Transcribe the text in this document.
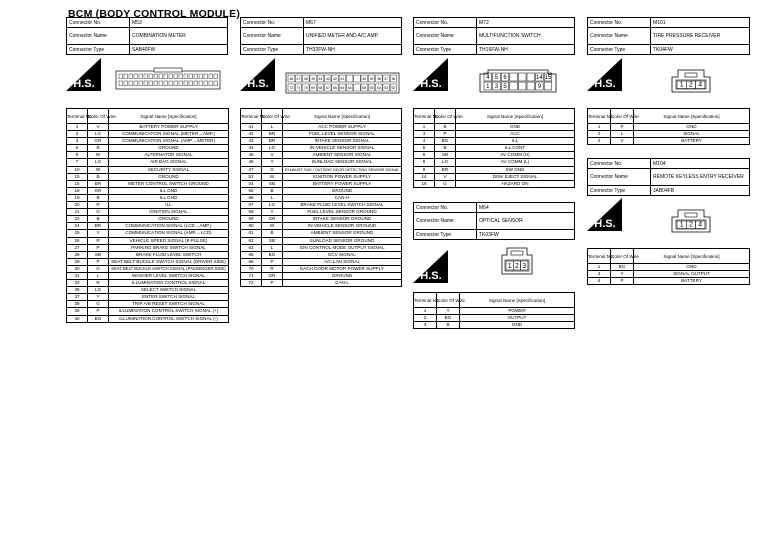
BCM (BODY CONTROL MODULE)
Connector No.	M53
Connector Name	COMBINATION METER
Connector Type	SAB40FW
Connector No.	M67
Connector Name	UNIFIED METER AND A/C AMP.
Connector Type	TH32FW-NH
Connector No.	M72
Connector Name	MULTIFUNCTION SWITCH
Connector Type	TH16FW-NH
Connector No.	M101
Connector Name	TIRE PRESSURE RECEIVER
Connector Type	TK04FW
Connector No.	M104
Connector Name	REMOTE KEYLESS ENTRY RECEIVER
Connector Type	JAB04FB
Connector No.	M64
Connector Name	OPTICAL SENSOR
Connector Type	TK03FW
H.S.	H.S.	H.S.	H.S.
H.S.
H.S.
48 47 46 45 44 43 42 41	40 39 38 37 36
72 71 70 69 68 67 66 65 64	56 55 54 53 52
4 5 6	14 15
1 3 5	9	1 2 4
1 2 4
1 2 3
Terminal No.	Color Of Wire	Signal Name [Specification]
1	V	BATTERY POWER SUPPLY
2	LG	COMMUNICATION SIGNAL (METER→AMP.)
3	GR	COMMUNICATION SIGNAL (AMP.→METER)
5	B	GROUND
6	W	ALTERNATOR SIGNAL
7	LG	AIR BAG SIGNAL
10	W	SECURITY SIGNAL
15	B	GROUND
16	BR	METER CONTROL SWITCH GROUND
18	GR	ILL GND
19	B	ILL GND
20	R	ILL
21	G	IGNITION SIGNAL
22	B	GROUND
24	BR	COMMUNICATION SIGNAL (LCD→AMP.)
25	Y	COMMUNICATION SIGNAL (AMP.→LCD)
26	R	VEHICLE SPEED SIGNAL (8-PULSE)
27	P	PARKING BRAKE SWITCH SIGNAL
28	SB	BRAKE FLUID LEVEL SWITCH
29	P	SEAT BELT BUCKLE SWITCH SIGNAL (DRIVER SIDE)
30	G	SEAT BELT BUCKLE SWITCH SIGNAL (PASSENGER SIDE)
31	L	WASHER LEVEL SWITCH SIGNAL
33	R	ILLUMINATION CONTROL SIGNAL
36	LG	SELECT SWITCH SIGNAL
37	Y	ENTER SWITCH SIGNAL
38	G	TRIP A/B RESET SWITCH SIGNAL
39	P	ILLUMINATION CONTROL SWITCH SIGNAL (+)
40	BG	ILLUMINATION CONTROL SWITCH SIGNAL (-)
Terminal No.	Color Of Wire	Signal Name [Specification]
41	L	ACC POWER SUPPLY
42	BR	FUEL LEVEL SENSOR SIGNAL
43	BR	INTAKE SENSOR SIGNAL
44	LG	IN-VEHICLE SENSOR SIGNAL
45	V	AMBIENT SENSOR SIGNAL
46	Y	SUNLOAD SENSOR SIGNAL
47	G	EXHAUST GAS / OUTSIDE ODOR DETECTING SENSOR SIGNAL
53	W	IGNITION POWER SUPPLY
54	SB	BATTERY POWER SUPPLY
55	B	GROUND
56	L	CAN-H
57	LG	BRAKE FLUID LEVEL SWITCH SIGNAL
58	Y	FUEL LEVEL SENSOR GROUND
59	GR	INTAKE SENSOR GROUND
60	W	IN-VEHICLE SENSOR GROUND
61	B	AMBIENT SENSOR GROUND
62	SB	SUNLOAD SENSOR GROUND
63	L	ION CONTROL MODE OUTPUT SIGNAL
65	BG	ECV SIGNAL
66	P	A/C LAN SIGNAL
70	R	EACH DOOR MOTOR POWER SUPPLY
71	GR	GROUND
72	P	CAN-L
Terminal No.	Color Of Wire	Signal Name [Specification]
1	B	GND
3	P	ACC
4	BG	ILL
5	B	ILL CONT
6	SB	AV COMM (H)
8	LG	AV COMM (L)
9	BR	SW GND
14	V	DISK EJECT SIGNAL
16	G	HAZARD ON
Terminal No.	Color Of Wire	Signal Name [Specification]
1	P	GND
2	L	SIGNAL
4	V	BATTERY
Terminal No.	Color Of Wire	Signal Name [Specification]
1	BG	GND
2	Y	SIGNAL OUTPUT
4	P	BATTERY
Terminal No.	Color Of Wire	Signal Name [Specification]
1	Y	POWER
2	BG	OUTPUT
3	B	GND
